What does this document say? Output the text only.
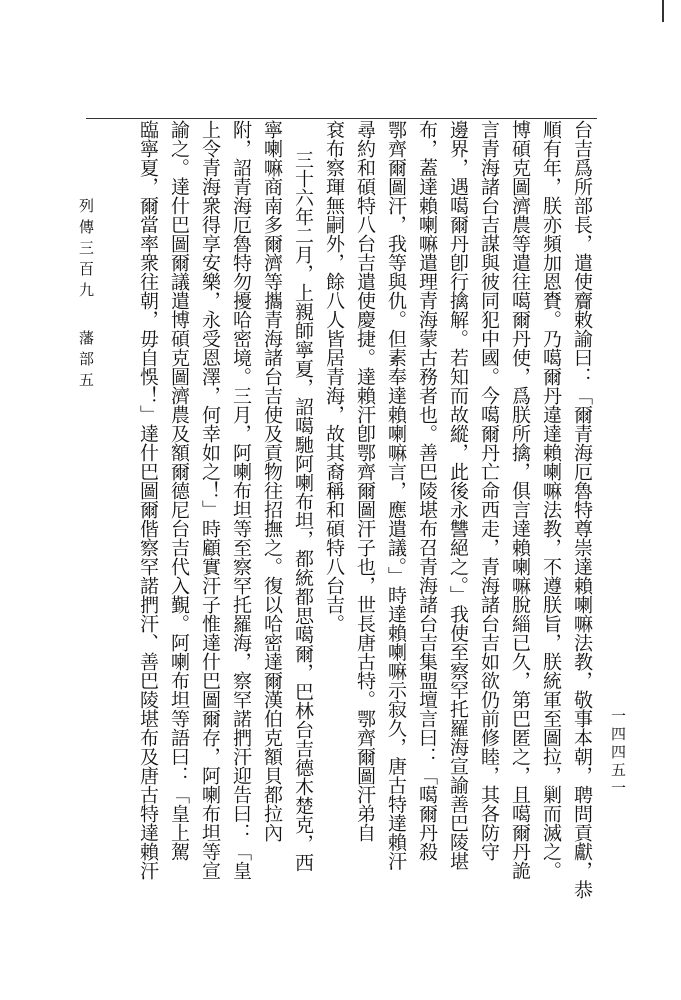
台吉爲所部長，遣使齎敕諭曰：「爾青海厄魯特尊崇達賴喇嘛法教，敬事本朝，聘問貢獻，恭
順有年，朕亦頻加恩賚。乃噶爾丹違達賴喇嘛法教，不遵朕旨，朕統軍至圖拉，剿而滅之。
博碩克圖濟農等遣往噶爾丹使，爲朕所擒，俱言達賴喇嘛脫緇已久，第巴匿之，且噶爾丹詭
言青海諸台吉謀與彼同犯中國。今噶爾丹亡命西走，青海諸台吉如欲仍前修睦，其各防守
邊界，遇噶爾丹卽行擒解。若知而故縱，此後永讐絕之。」我使至察罕托羅海宣諭善巴陵堪
布，蓋達賴喇嘛遣理青海蒙古務者也。善巴陵堪布召青海諸台吉集盟壇言曰：「噶爾丹殺
鄂齊爾圖汗，我等與仇。但素奉達賴喇嘛言，應遣議。」時達賴喇嘛示寂久，唐古特達賴汗
尋約和碩特八台吉遣使慶捷。達賴汗卽鄂齊爾圖汗子也，世長唐古特。鄂齊爾圖汗弟自
袞布察琿無嗣外，餘八人皆居青海，故其裔稱和碩特八台吉。
三十六年二月，上親師寧夏，詔噶馳阿喇布坦，都統都思噶爾，巴林台吉德木楚克，西
寧喇嘛商南多爾濟等攜青海諸台吉使及貢物往招撫之。復以哈密達爾漢伯克額貝都拉內
附，詔青海厄魯特勿擾哈密境。三月，阿喇布坦等至察罕托羅海，察罕諾捫汗迎告曰：「皇
上令青海衆得享安樂，永受恩澤，何幸如之！」時顧實汗子惟達什巴圖爾存，阿喇布坦等宣
諭之。達什巴圖爾議遣博碩克圖濟農及額爾德尼台吉代入覲。阿喇布坦等語曰：「皇上駕
臨寧夏，爾當率衆往朝，毋自悞！」達什巴圖爾偕察罕諾捫汗、善巴陵堪布及唐古特達賴汗
列傳三百九
藩部五
一四四五一
